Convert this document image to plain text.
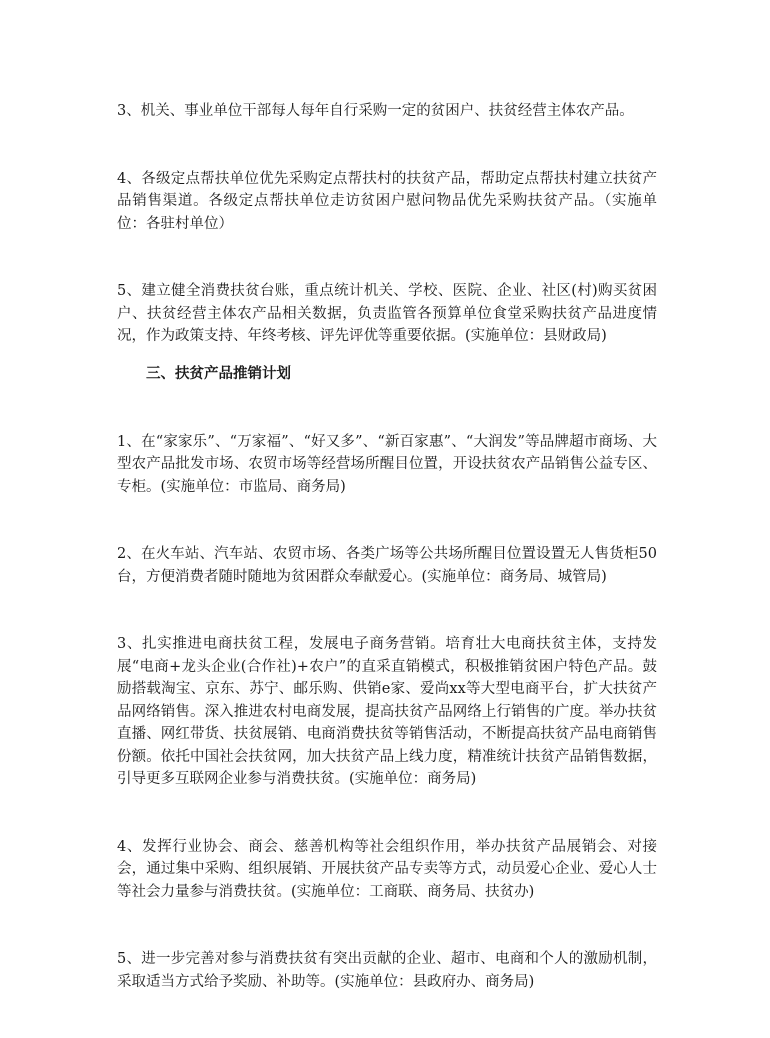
3、机关、事业单位干部每人每年自行采购一定的贫困户、扶贫经营主体农产品。

4、各级定点帮扶单位优先采购定点帮扶村的扶贫产品，帮助定点帮扶村建立扶贫产品销售渠道。各级定点帮扶单位走访贫困户慰问物品优先采购扶贫产品。（实施单位：各驻村单位）

5、建立健全消费扶贫台账，重点统计机关、学校、医院、企业、社区(村)购买贫困户、扶贫经营主体农产品相关数据，负责监管各预算单位食堂采购扶贫产品进度情况，作为政策支持、年终考核、评先评优等重要依据。(实施单位：县财政局)

三、扶贫产品推销计划

1、在“家家乐”、“万家福”、“好又多”、“新百家惠”、“大润发”等品牌超市商场、大型农产品批发市场、农贸市场等经营场所醒目位置，开设扶贫农产品销售公益专区、专柜。(实施单位：市监局、商务局)

2、在火车站、汽车站、农贸市场、各类广场等公共场所醒目位置设置无人售货柜50台，方便消费者随时随地为贫困群众奉献爱心。(实施单位：商务局、城管局)

3、扎实推进电商扶贫工程，发展电子商务营销。培育壮大电商扶贫主体，支持发展“电商+龙头企业(合作社)+农户”的直采直销模式，积极推销贫困户特色产品。鼓励搭载淘宝、京东、苏宁、邮乐购、供销e家、爱尚xx等大型电商平台，扩大扶贫产品网络销售。深入推进农村电商发展，提高扶贫产品网络上行销售的广度。举办扶贫直播、网红带货、扶贫展销、电商消费扶贫等销售活动，不断提高扶贫产品电商销售份额。依托中国社会扶贫网，加大扶贫产品上线力度，精准统计扶贫产品销售数据，引导更多互联网企业参与消费扶贫。(实施单位：商务局)

4、发挥行业协会、商会、慈善机构等社会组织作用，举办扶贫产品展销会、对接会，通过集中采购、组织展销、开展扶贫产品专卖等方式，动员爱心企业、爱心人士等社会力量参与消费扶贫。(实施单位：工商联、商务局、扶贫办)

5、进一步完善对参与消费扶贫有突出贡献的企业、超市、电商和个人的激励机制，采取适当方式给予奖励、补助等。(实施单位：县政府办、商务局)
